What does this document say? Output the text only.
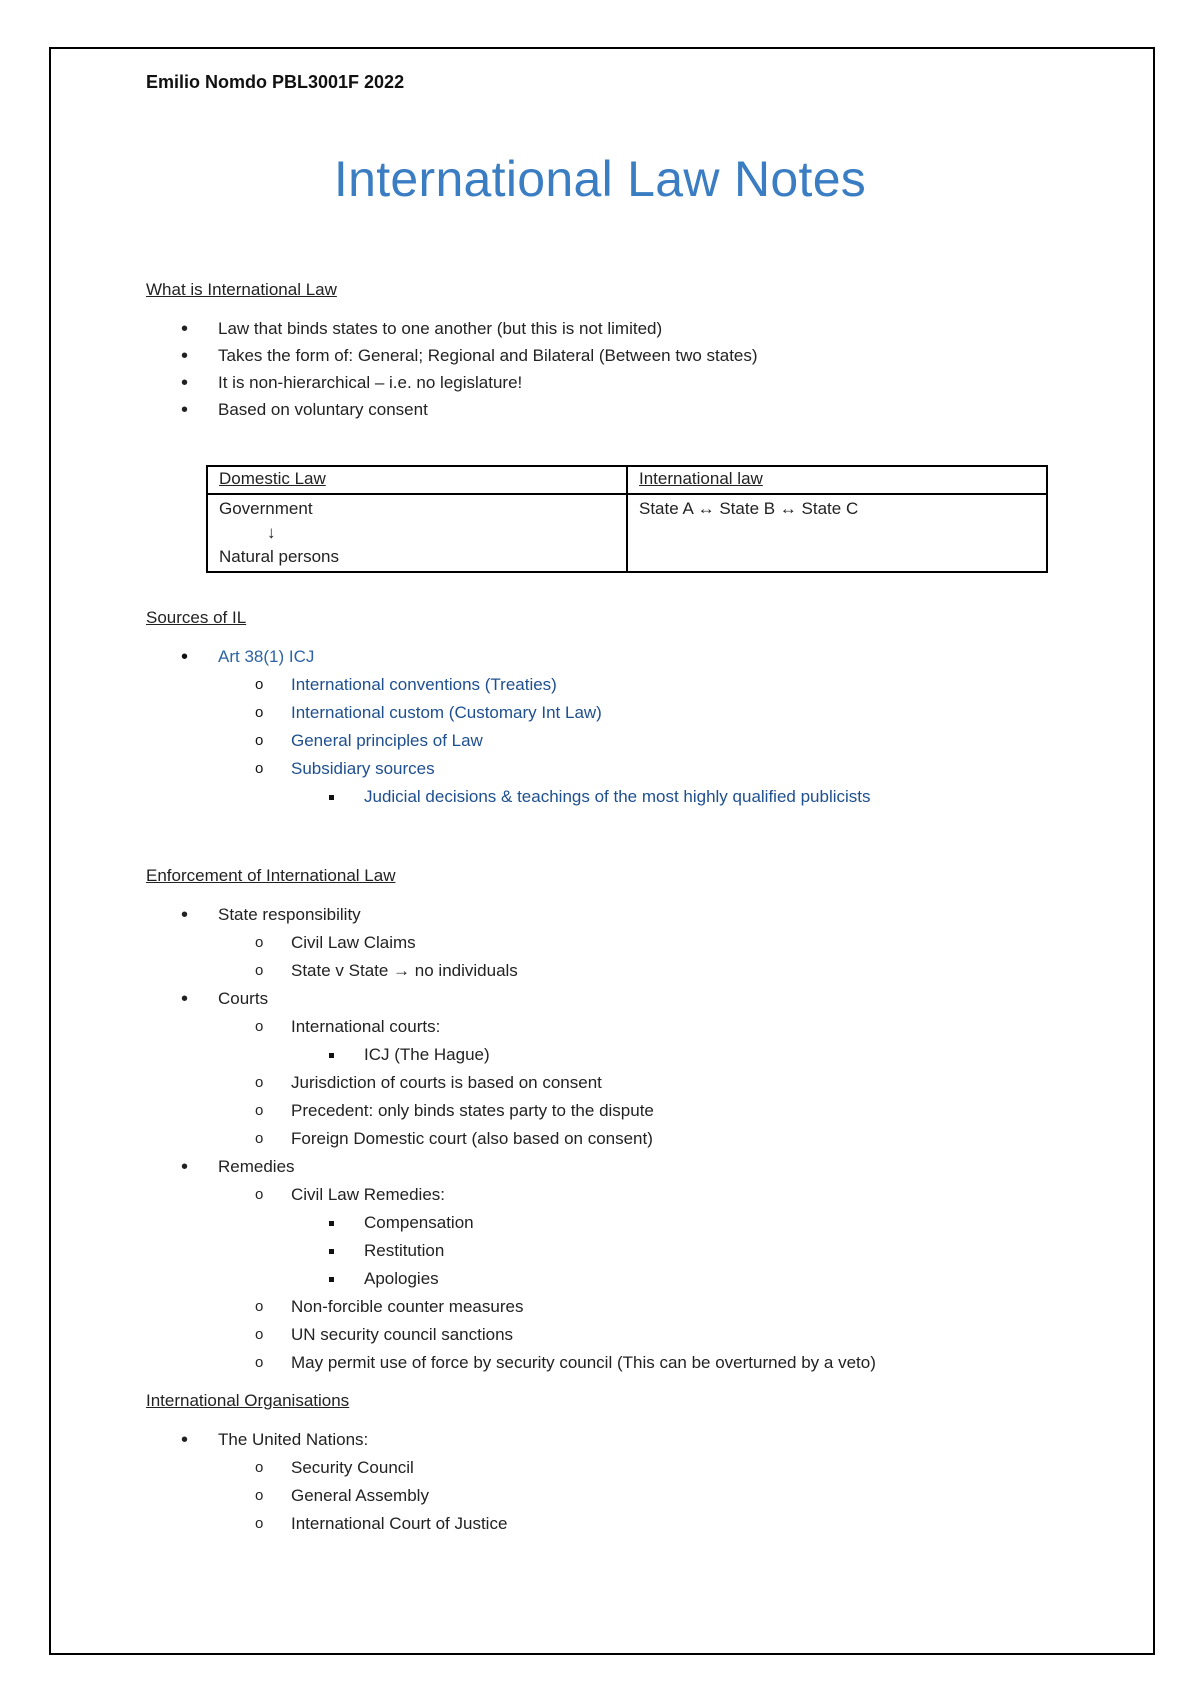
Emilio Nomdo PBL3001F 2022
International Law Notes
What is International Law
• Law that binds states to one another (but this is not limited)
• Takes the form of: General; Regional and Bilateral (Between two states)
• It is non-hierarchical – i.e. no legislature!
• Based on voluntary consent
Domestic Law	International law

Government
↓
Natural persons	State A ↔ State B ↔ State C
Sources of IL
• Art 38(1) ICJ
o International conventions (Treaties)
o International custom (Customary Int Law)
o General principles of Law
o Subsidiary sources
Judicial decisions & teachings of the most highly qualified publicists
Enforcement of International Law
• State responsibility
o Civil Law Claims
o State v State → no individuals
• Courts
o International courts:
ICJ (The Hague)
o Jurisdiction of courts is based on consent
o Precedent: only binds states party to the dispute
o Foreign Domestic court (also based on consent)
• Remedies
o Civil Law Remedies:
Compensation
Restitution
Apologies
o Non-forcible counter measures
o UN security council sanctions
o May permit use of force by security council (This can be overturned by a veto)
International Organisations
• The United Nations:
o Security Council
o General Assembly
o International Court of Justice
